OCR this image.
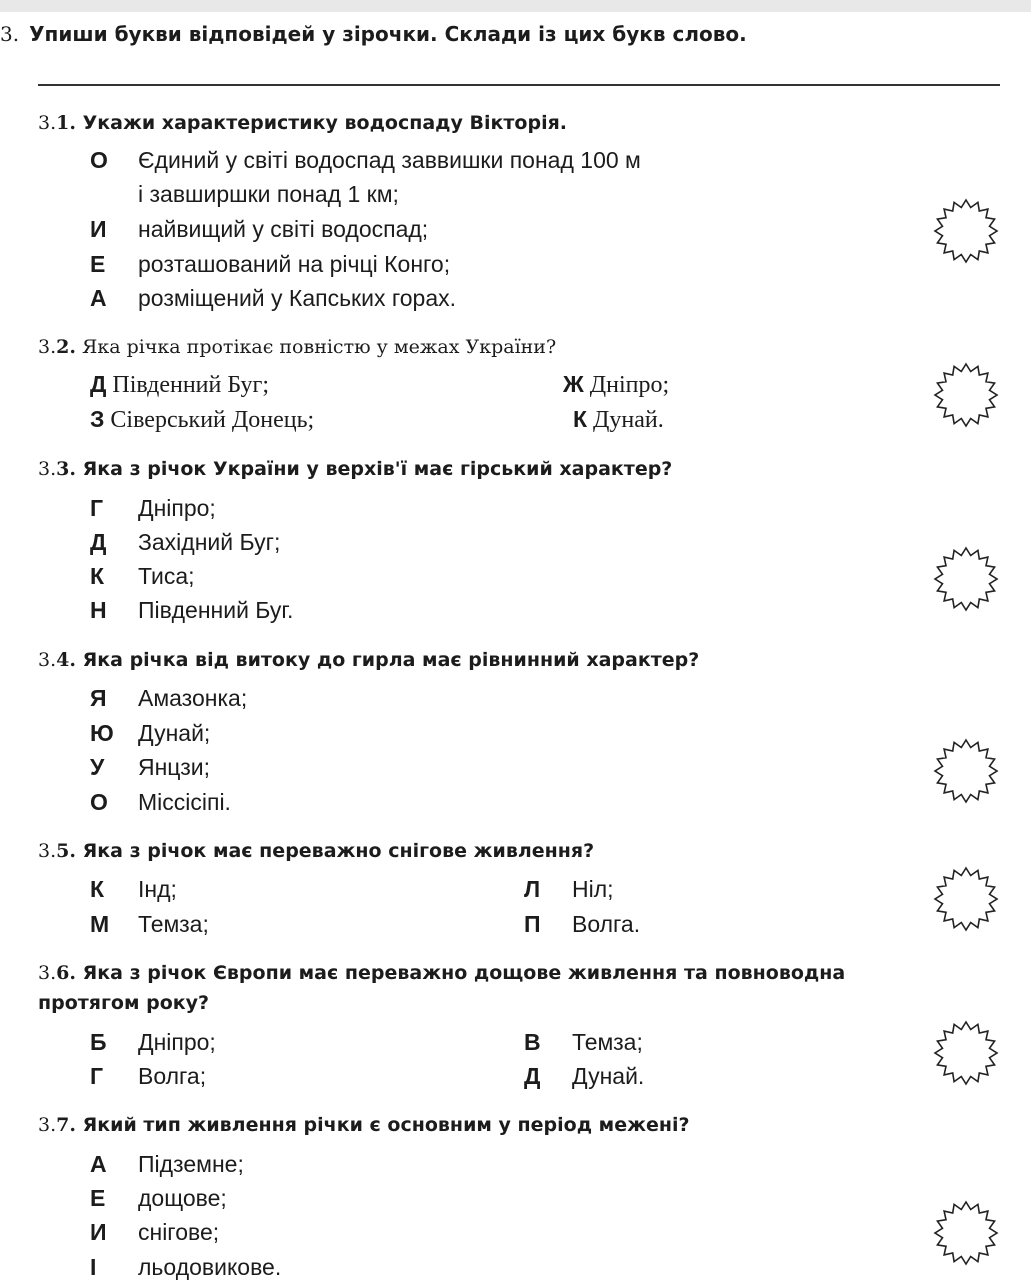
3. Упиши букви відповідей у зірочки. Склади із цих букв слово.
3.1. Укажи характеристику водоспаду Вікторія.
О Єдиний у світі водоспад заввишки понад 100 м
і завширшки понад 1 км;
И найвищий у світі водоспад;
Е розташований на річці Конго;
А розміщений у Капських горах.
3.2. Яка річка протікає повністю у межах України?
Д Південний Буг;	Ж Дніпро;
З Сіверський Донець;	К Дунай.
3.3. Яка з річок України у верхів'ї має гірський характер?
Г Дніпро;
Д Західний Буг;
К Тиса;
Н Південний Буг.
3.4. Яка річка від витоку до гирла має рівнинний характер?
Я Амазонка;
Ю Дунай;
У Янцзи;
О Міссісіпі.
3.5. Яка з річок має переважно снігове живлення?
К Інд;	Л Ніл;
М Темза;	П Волга.
3.6. Яка з річок Європи має переважно дощове живлення та повноводна протягом року?
Б Дніпро;	В Темза;
Г Волга;	Д Дунай.
3.7. Який тип живлення річки є основним у період межені?
А Підземне;
Е дощове;
И снігове;
І льодовикове.
